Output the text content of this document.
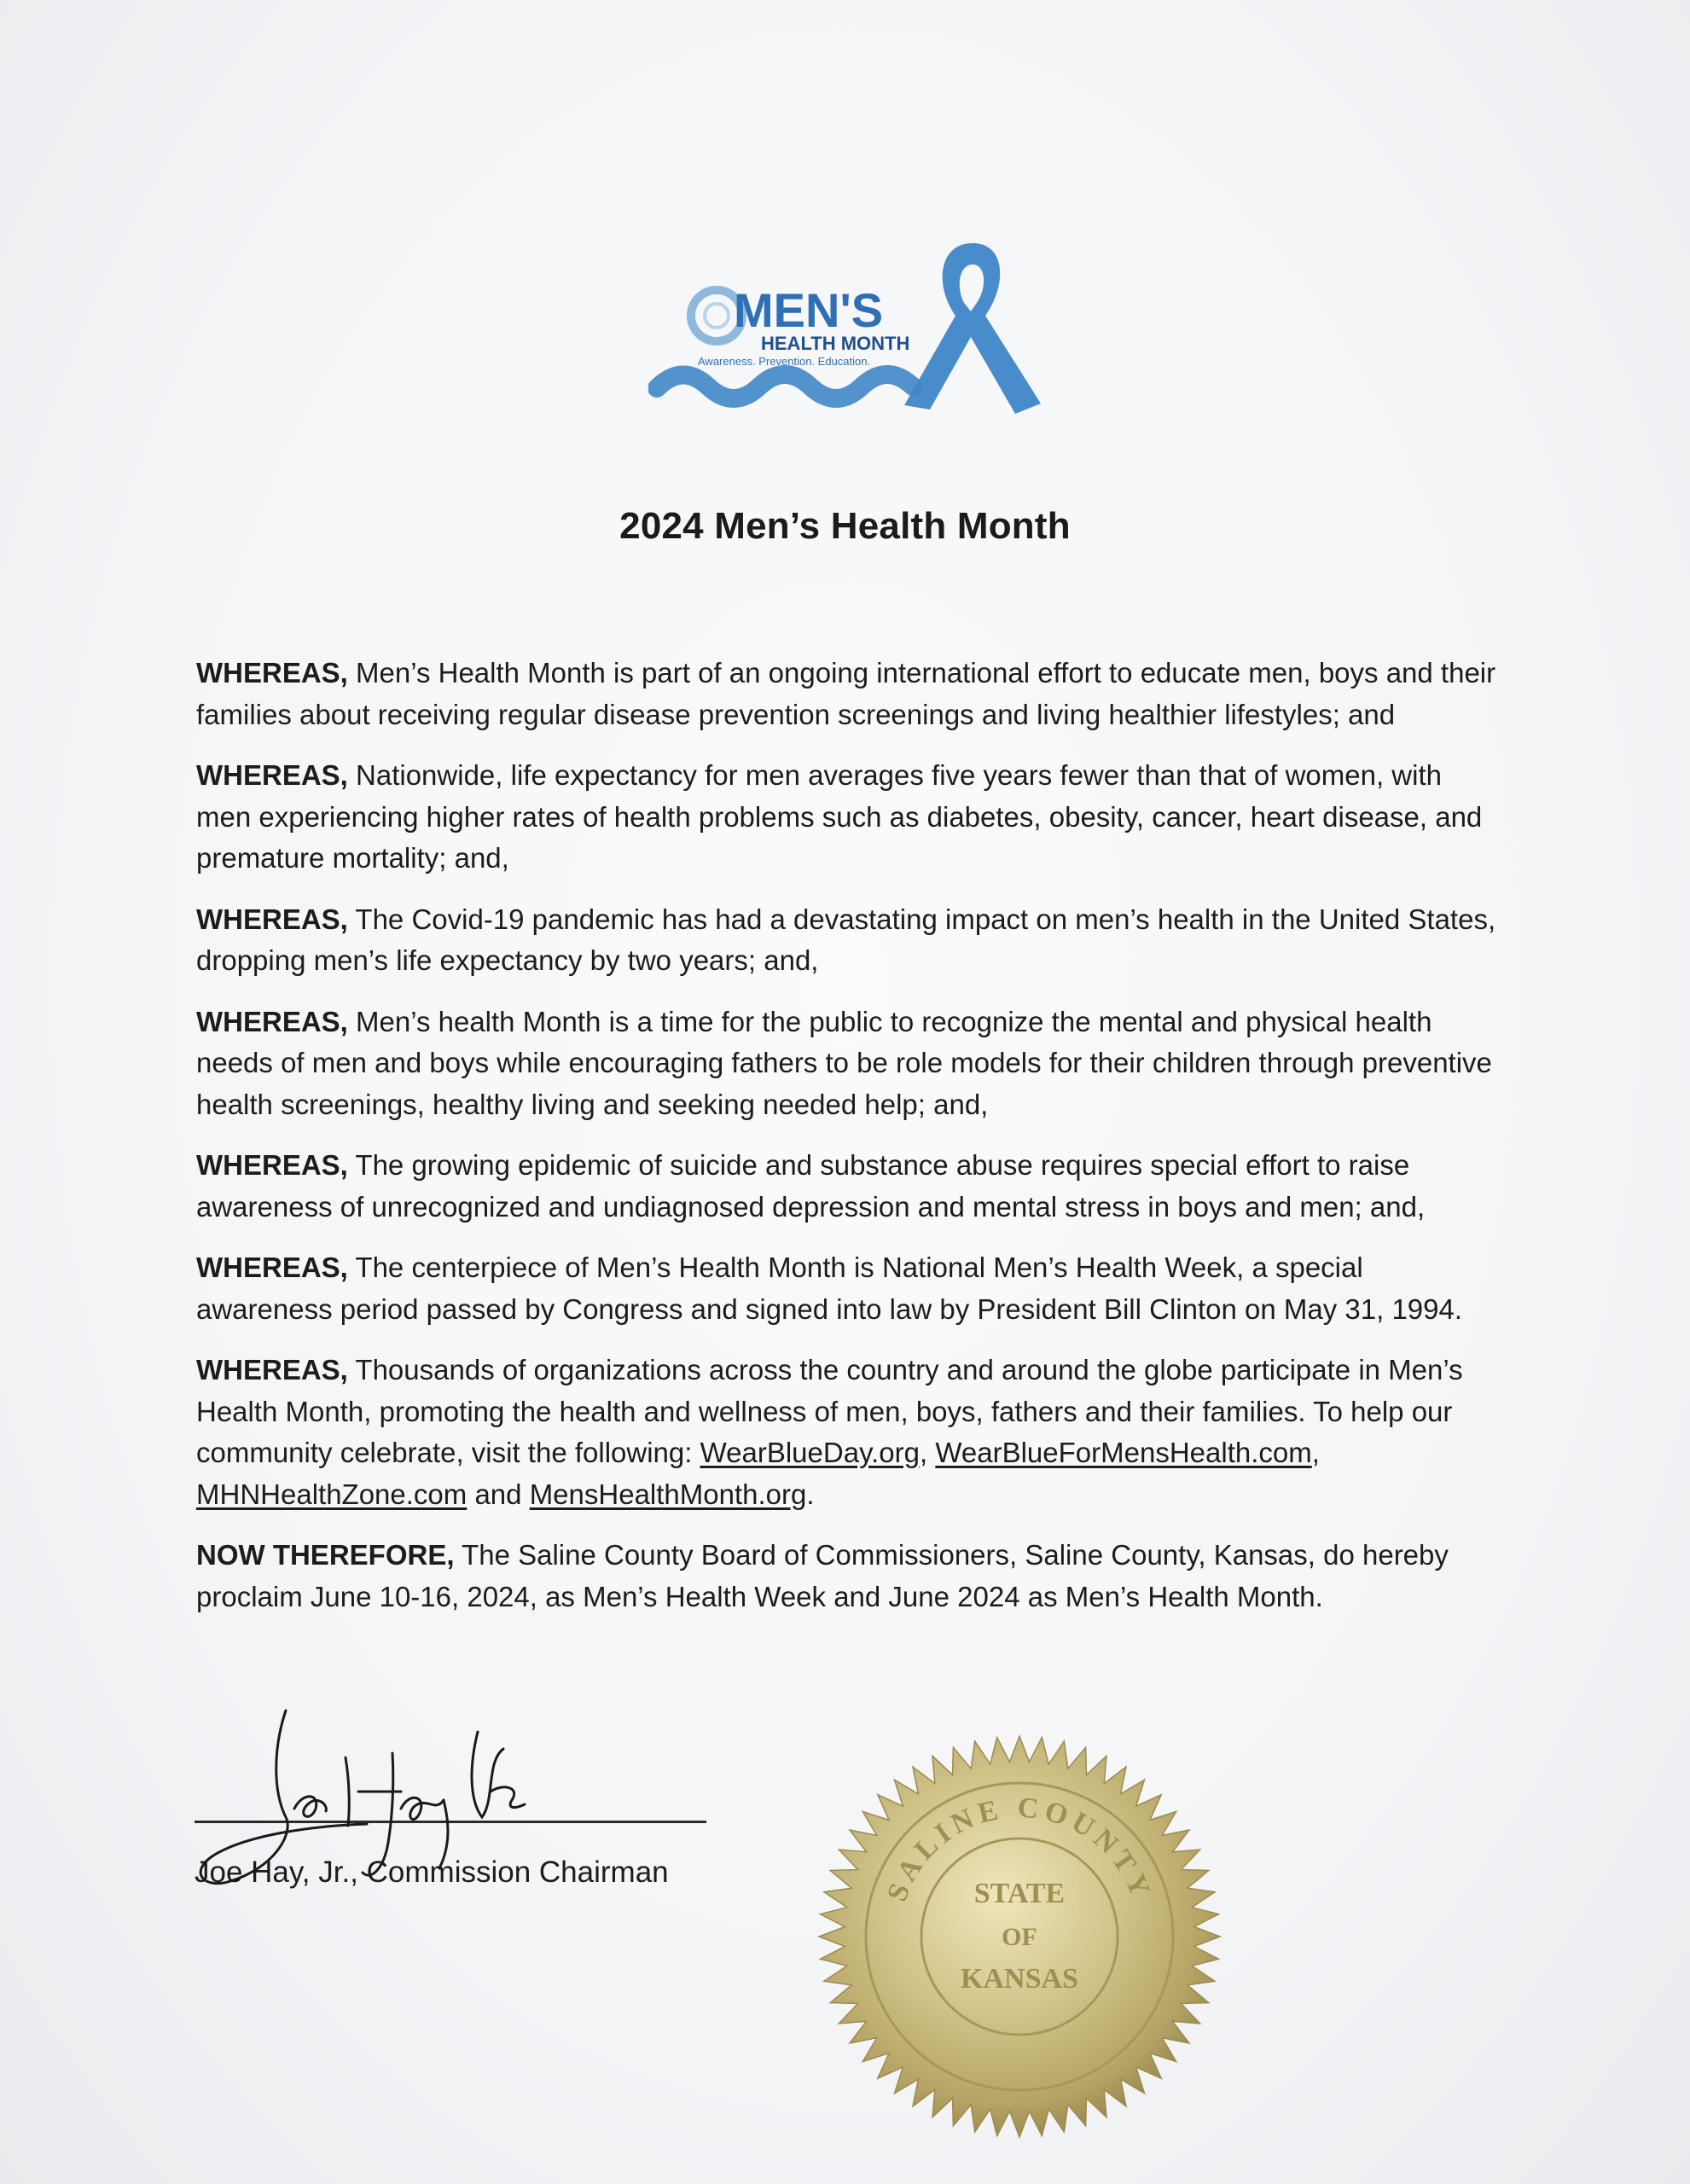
MEN'S
HEALTH MONTH
Awareness. Prevention. Education.
2024 Men’s Health Month

WHEREAS, Men’s Health Month is part of an ongoing international effort to educate men, boys and their families about receiving regular disease prevention screenings and living healthier lifestyles; and

WHEREAS, Nationwide, life expectancy for men averages five years fewer than that of women, with men experiencing higher rates of health problems such as diabetes, obesity, cancer, heart disease, and premature mortality; and,

WHEREAS, The Covid-19 pandemic has had a devastating impact on men’s health in the United States, dropping men’s life expectancy by two years; and,

WHEREAS, Men’s health Month is a time for the public to recognize the mental and physical health needs of men and boys while encouraging fathers to be role models for their children through preventive health screenings, healthy living and seeking needed help; and,

WHEREAS, The growing epidemic of suicide and substance abuse requires special effort to raise awareness of unrecognized and undiagnosed depression and mental stress in boys and men; and,

WHEREAS, The centerpiece of Men’s Health Month is National Men’s Health Week, a special awareness period passed by Congress and signed into law by President Bill Clinton on May 31, 1994.

WHEREAS, Thousands of organizations across the country and around the globe participate in Men’s Health Month, promoting the health and wellness of men, boys, fathers and their families. To help our community celebrate, visit the following: WearBlueDay.org, WearBlueForMensHealth.com, MHNHealthZone.com and MensHealthMonth.org.

NOW THEREFORE, The Saline County Board of Commissioners, Saline County, Kansas, do hereby proclaim June 10-16, 2024, as Men’s Health Week and June 2024 as Men’s Health Month.

Joe Hay, Jr., Commission Chairman
SALINE COUNTY
STATE
OF
KANSAS
